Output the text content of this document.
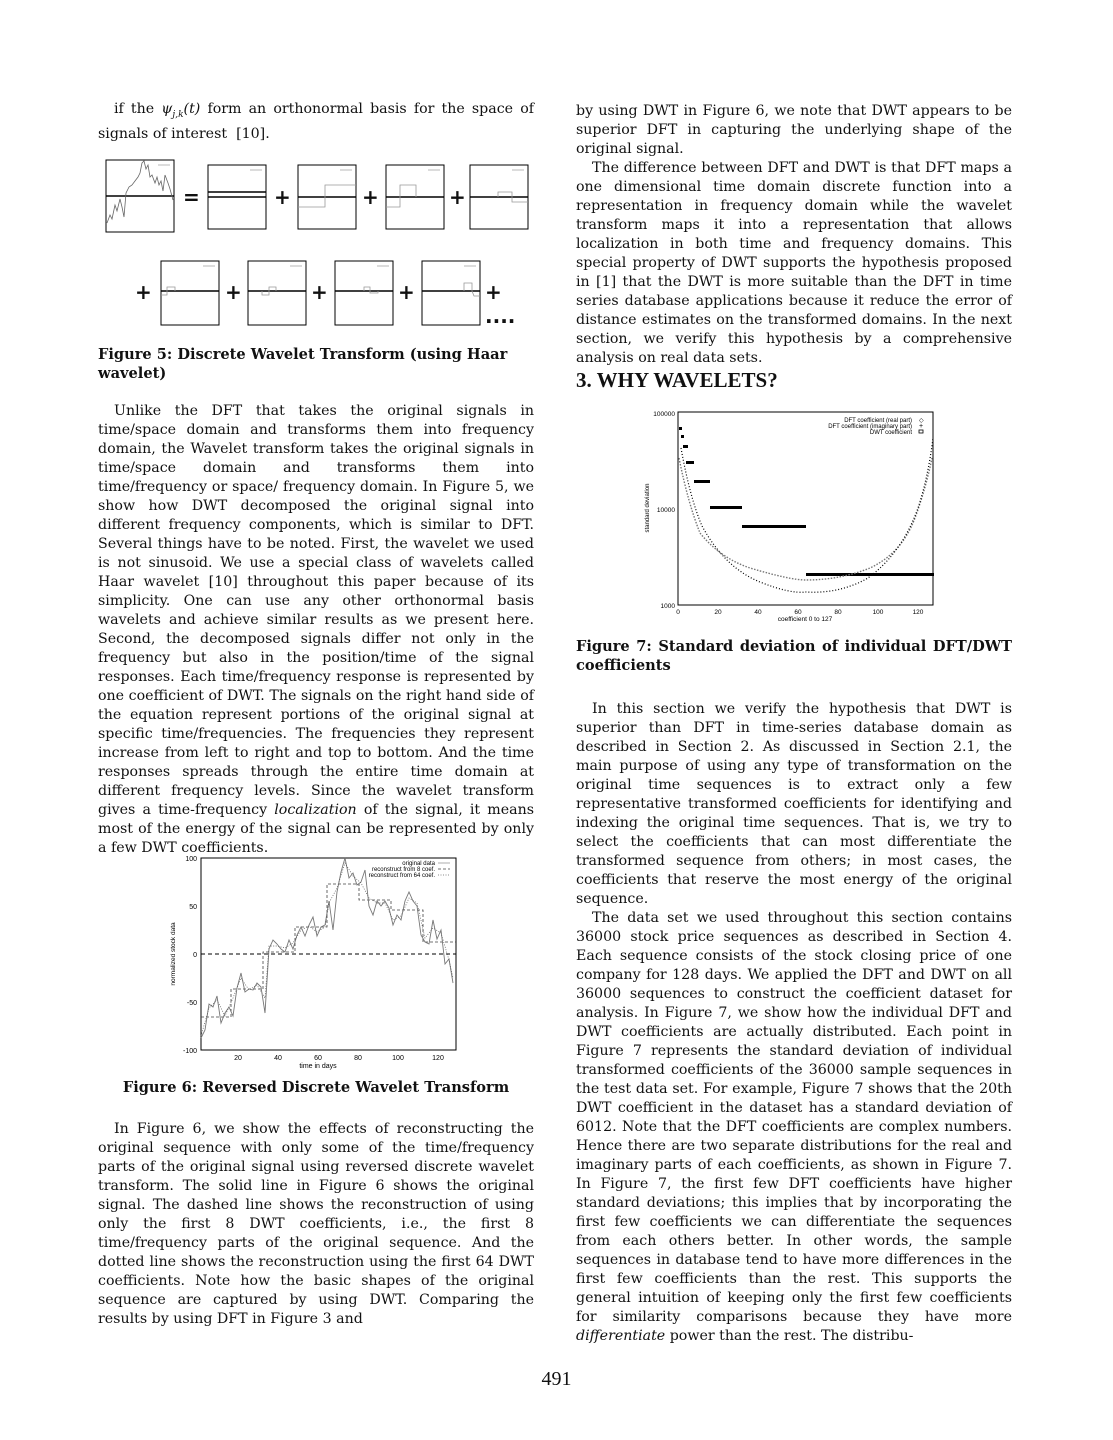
if the $\psi_{j,k}(t)$ form an orthonormal basis for the space of signals of interest  [10].

=	+	+	+
+	+	+	+	+ ....
Figure 5: Discrete Wavelet Transform (using Haar wavelet)

Unlike the DFT that takes the original signals in time/space domain and transforms them into frequency domain, the Wavelet transform takes the original signals in time/space domain and transforms them into time/frequency or space/ frequency domain. In Figure 5, we show how DWT decomposed the original signal into different frequency components, which is similar to DFT. Several things have to be noted. First, the wavelet we used is not sinusoid. We use a special class of wavelets called Haar wavelet [10] throughout this paper because of its simplicity. One can use any other orthonormal basis wavelets and achieve similar results as we present here. Second, the decomposed signals differ not only in the frequency but also in the position/time of the signal responses. Each time/frequency response is represented by one coefficient of DWT. The signals on the right hand side of the equation represent portions of the original signal at specific time/frequencies. The frequencies they represent increase from left to right and top to bottom. And the time responses spreads through the entire time domain at different frequency levels. Since the wavelet transform gives a time-frequency localization of the signal, it means most of the energy of the signal can be represented by only a few DWT coefficients.

100
50
0
-50
-100
20	40	60	80	100	120
time in days
normalized stock data
original data
reconstruct from 8 coef.
reconstruct from 64 coef.
Figure 6: Reversed Discrete Wavelet Transform

In Figure 6, we show the effects of reconstructing the original sequence with only some of the time/frequency parts of the original signal using reversed discrete wavelet transform. The solid line in Figure 6 shows the original signal. The dashed line shows the reconstruction of using only the first 8 DWT coefficients, i.e., the first 8 time/frequency parts of the original sequence. And the dotted line shows the reconstruction using the first 64 DWT coefficients. Note how the basic shapes of the original sequence are captured by using DWT. Comparing the results by using DFT in Figure 3 and

by using DWT in Figure 6, we note that DWT appears to be superior DFT in capturing the underlying shape of the original signal.

The difference between DFT and DWT is that DFT maps a one dimensional time domain discrete function into a representation in frequency domain while the wavelet transform maps it into a representation that allows localization in both time and frequency domains. This special property of DWT supports the hypothesis proposed in [1] that the DWT is more suitable than the DFT in time series database applications because it reduce the error of distance estimates on the transformed domains. In the next section, we verify this hypothesis by a comprehensive analysis on real data sets.

3. WHY WAVELETS?
100000
10000
1000
0	20	40	60	80	100	120
coefficient 0 to 127
standard deviation
DFT coefficient (real part)
DFT coefficient (imaginary part)
DWT coefficient
◇
+
Figure 7: Standard deviation of individual DFT/DWT coefficients

In this section we verify the hypothesis that DWT is superior than DFT in time-series database domain as described in Section 2. As discussed in Section 2.1, the main purpose of using any type of transformation on the original time sequences is to extract only a few representative transformed coefficients for identifying and indexing the original time sequences. That is, we try to select the coefficients that can most differentiate the transformed sequence from others; in most cases, the coefficients that reserve the most energy of the original sequence.

The data set we used throughout this section contains 36000 stock price sequences as described in Section 4. Each sequence consists of the stock closing price of one company for 128 days. We applied the DFT and DWT on all 36000 sequences to construct the coefficient dataset for analysis. In Figure 7, we show how the individual DFT and DWT coefficients are actually distributed. Each point in Figure 7 represents the standard deviation of individual transformed coefficients of the 36000 sample sequences in the test data set. For example, Figure 7 shows that the 20th DWT coefficient in the dataset has a standard deviation of 6012. Note that the DFT coefficients are complex numbers. Hence there are two separate distributions for the real and imaginary parts of each coefficients, as shown in Figure 7. In Figure 7, the first few DFT coefficients have higher standard deviations; this implies that by incorporating the first few coefficients we can differentiate the sequences from each others better. In other words, the sample sequences in database tend to have more differences in the first few coefficients than the rest. This supports the general intuition of keeping only the first few coefficients for similarity comparisons because they have more differentiate power than the rest. The distribu-

491
